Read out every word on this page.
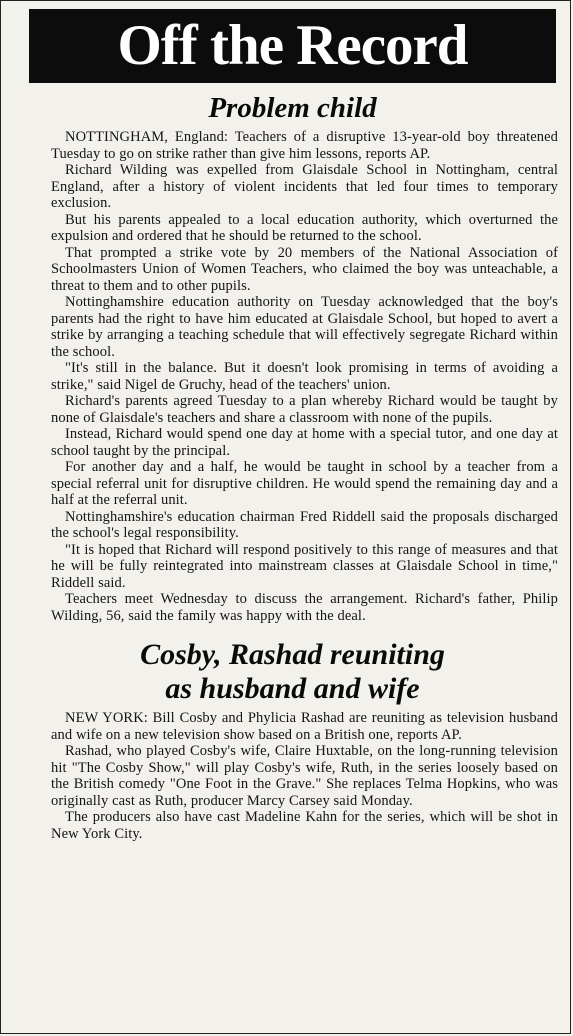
Off the Record
Problem child

NOTTINGHAM, England: Teachers of a disruptive 13-year-old boy threatened Tuesday to go on strike rather than give him lessons, reports AP.

Richard Wilding was expelled from Glaisdale School in Nottingham, central England, after a history of violent incidents that led four times to temporary exclusion.

But his parents appealed to a local education authority, which overturned the expulsion and ordered that he should be returned to the school.

That prompted a strike vote by 20 members of the National Association of Schoolmasters Union of Women Teachers, who claimed the boy was unteachable, a threat to them and to other pupils.

Nottinghamshire education authority on Tuesday acknowledged that the boy's parents had the right to have him educated at Glaisdale School, but hoped to avert a strike by arranging a teaching schedule that will effectively segregate Richard within the school.

"It's still in the balance. But it doesn't look promising in terms of avoiding a strike," said Nigel de Gruchy, head of the teachers' union.

Richard's parents agreed Tuesday to a plan whereby Richard would be taught by none of Glaisdale's teachers and share a classroom with none of the pupils.

Instead, Richard would spend one day at home with a special tutor, and one day at school taught by the principal.

For another day and a half, he would be taught in school by a teacher from a special referral unit for disruptive children. He would spend the remaining day and a half at the referral unit.

Nottinghamshire's education chairman Fred Riddell said the proposals discharged the school's legal responsibility.

"It is hoped that Richard will respond positively to this range of measures and that he will be fully reintegrated into mainstream classes at Glaisdale School in time," Riddell said.

Teachers meet Wednesday to discuss the arrangement. Richard's father, Philip Wilding, 56, said the family was happy with the deal.

Cosby, Rashad reuniting
as husband and wife

NEW YORK: Bill Cosby and Phylicia Rashad are reuniting as television husband and wife on a new television show based on a British one, reports AP.

Rashad, who played Cosby's wife, Claire Huxtable, on the long-running television hit "The Cosby Show," will play Cosby's wife, Ruth, in the series loosely based on the British comedy "One Foot in the Grave." She replaces Telma Hopkins, who was originally cast as Ruth, producer Marcy Carsey said Monday.

The producers also have cast Madeline Kahn for the series, which will be shot in New York City.
